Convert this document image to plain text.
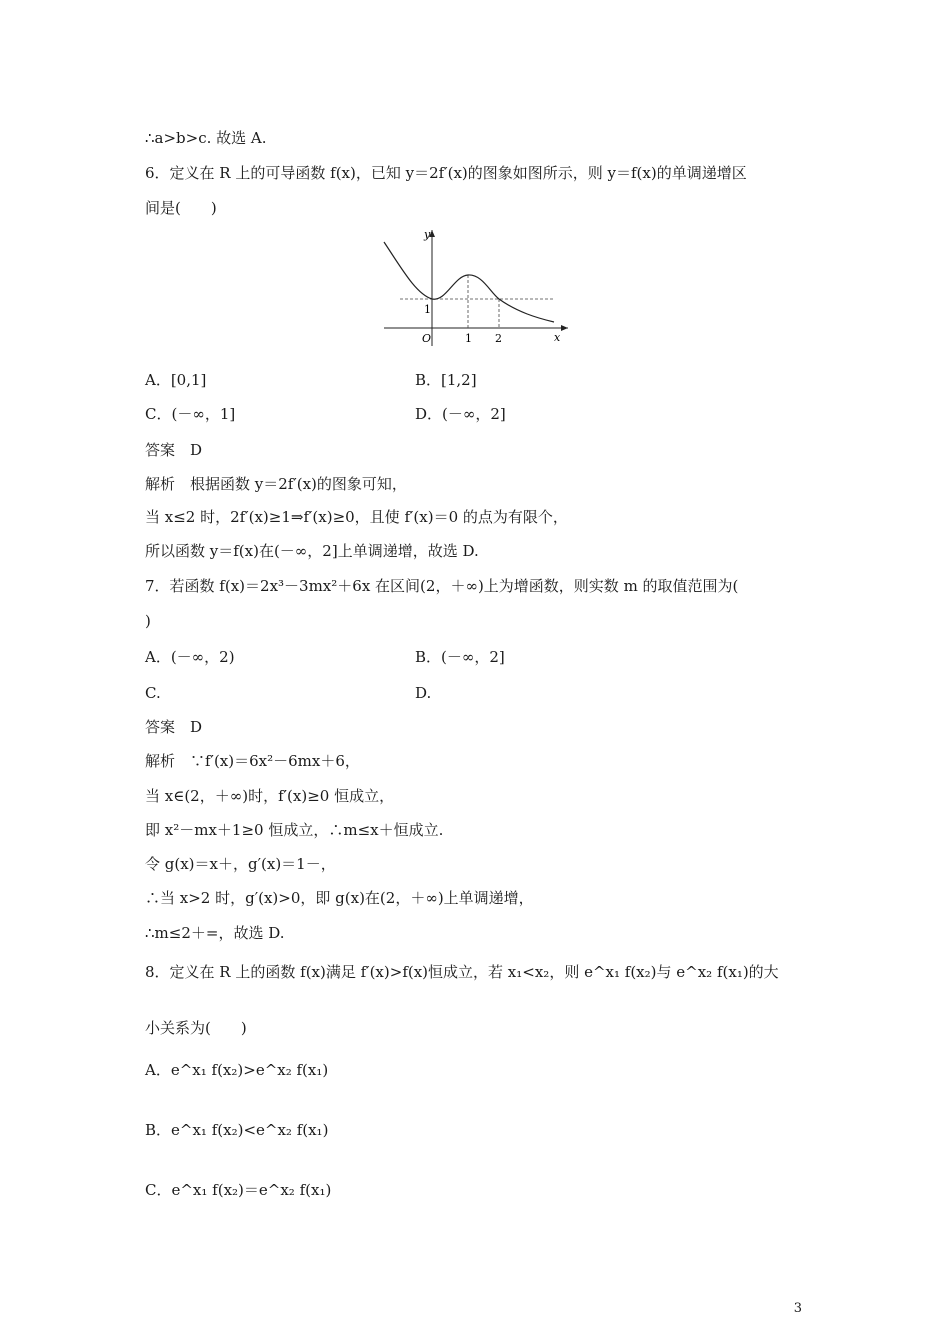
∴a>b>c. 故选 A.
6．定义在 R 上的可导函数 f(x)，已知 y＝2f′(x)的图象如图所示，则 y＝f(x)的单调递增区
间是(　　)
y
x
O
1
1 2
A．[0,1]	B．[1,2]
C．(－∞，1]	D．(－∞，2]
答案　D
解析　根据函数 y＝2f′(x)的图象可知，
当 x≤2 时，2f′(x)≥1⇒f′(x)≥0，且使 f′(x)＝0 的点为有限个，
所以函数 y＝f(x)在(－∞，2]上单调递增，故选 D.
7．若函数 f(x)＝2x³－3mx²＋6x 在区间(2，＋∞)上为增函数，则实数 m 的取值范围为(
)
A．(－∞，2)	B．(－∞，2]
C.	D.
答案　D
解析　∵f′(x)＝6x²－6mx＋6，
当 x∈(2，＋∞)时，f′(x)≥0 恒成立，
即 x²－mx＋1≥0 恒成立，∴m≤x＋恒成立.
令 g(x)＝x＋，g′(x)＝1－，
∴当 x>2 时，g′(x)>0，即 g(x)在(2，＋∞)上单调递增，
∴m≤2＋=，故选 D.
8．定义在 R 上的函数 f(x)满足 f′(x)>f(x)恒成立，若 x₁<x₂，则 e^x₁ f(x₂)与 e^x₂ f(x₁)的大
小关系为(　　)
A．e^x₁ f(x₂)>e^x₂ f(x₁)
B．e^x₁ f(x₂)<e^x₂ f(x₁)
C．e^x₁ f(x₂)＝e^x₂ f(x₁)
3
